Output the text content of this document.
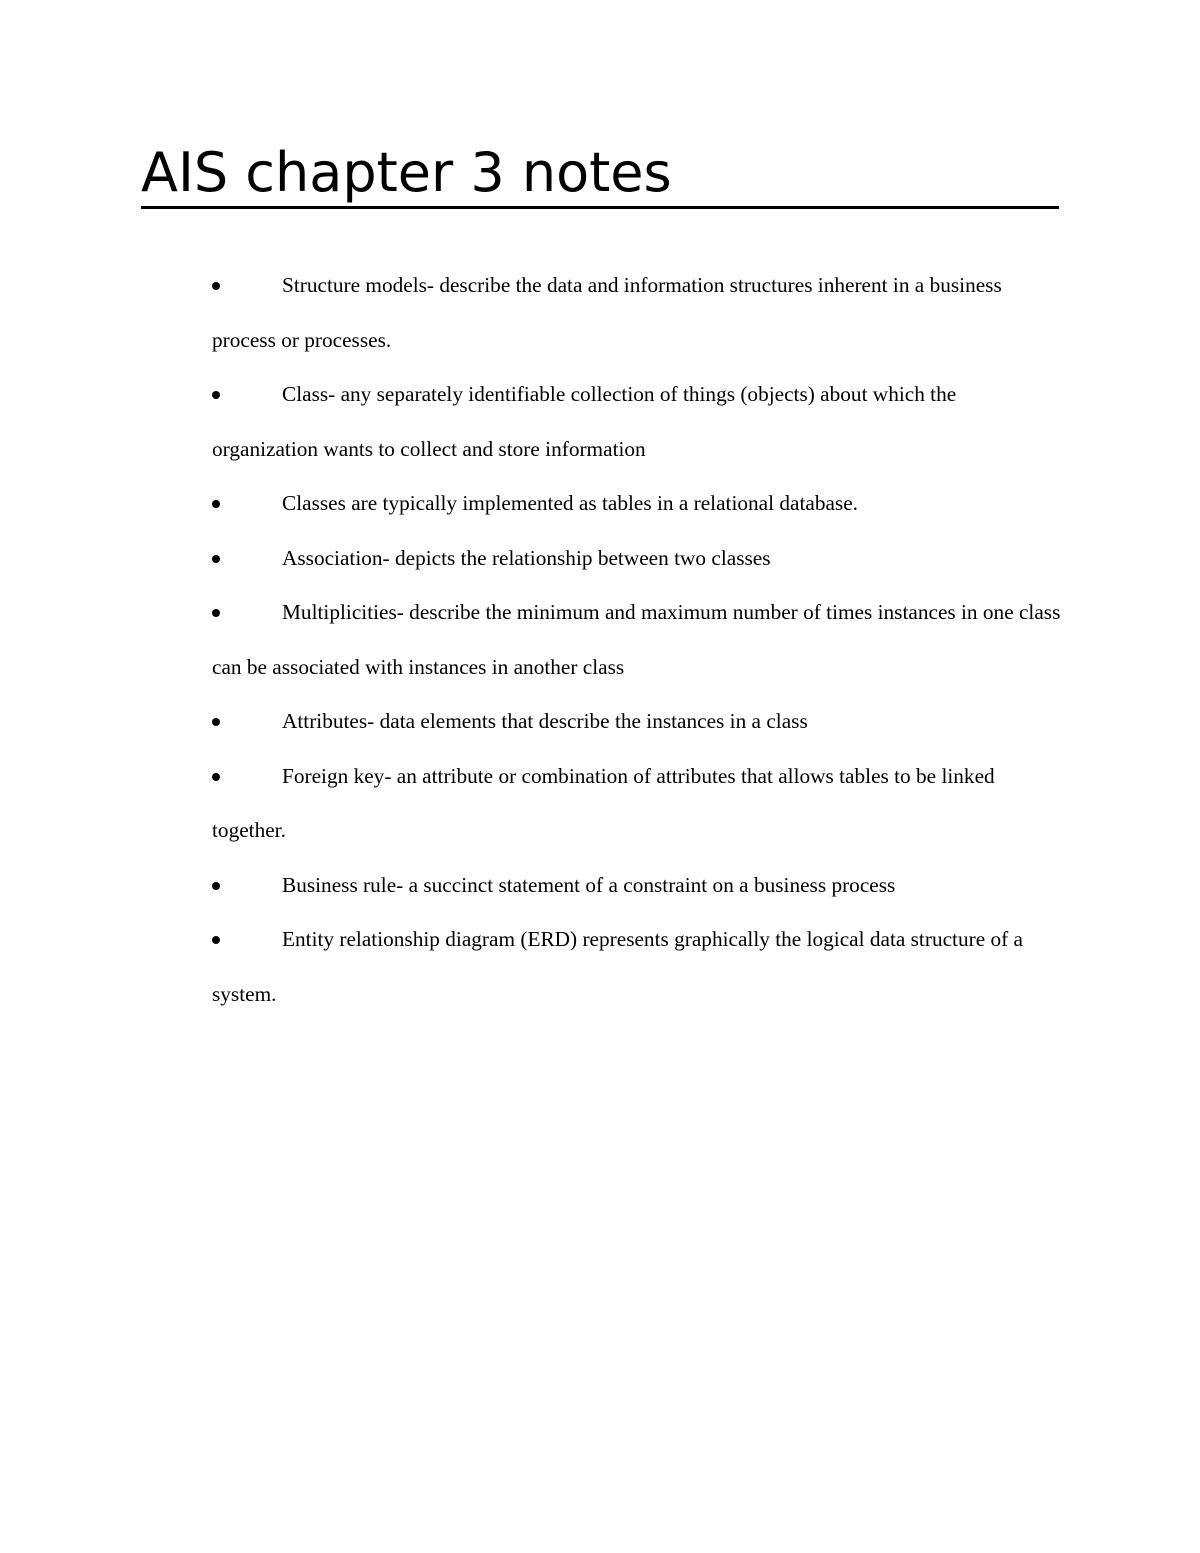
AIS chapter 3 notes
Structure models- describe the data and information structures inherent in a business process or processes.
Class- any separately identifiable collection of things (objects) about which the organization wants to collect and store information
Classes are typically implemented as tables in a relational database.
Association- depicts the relationship between two classes
Multiplicities- describe the minimum and maximum number of times instances in one class can be associated with instances in another class
Attributes- data elements that describe the instances in a class
Foreign key- an attribute or combination of attributes that allows tables to be linked together.
Business rule- a succinct statement of a constraint on a business process
Entity relationship diagram (ERD) represents graphically the logical data structure of a system.
